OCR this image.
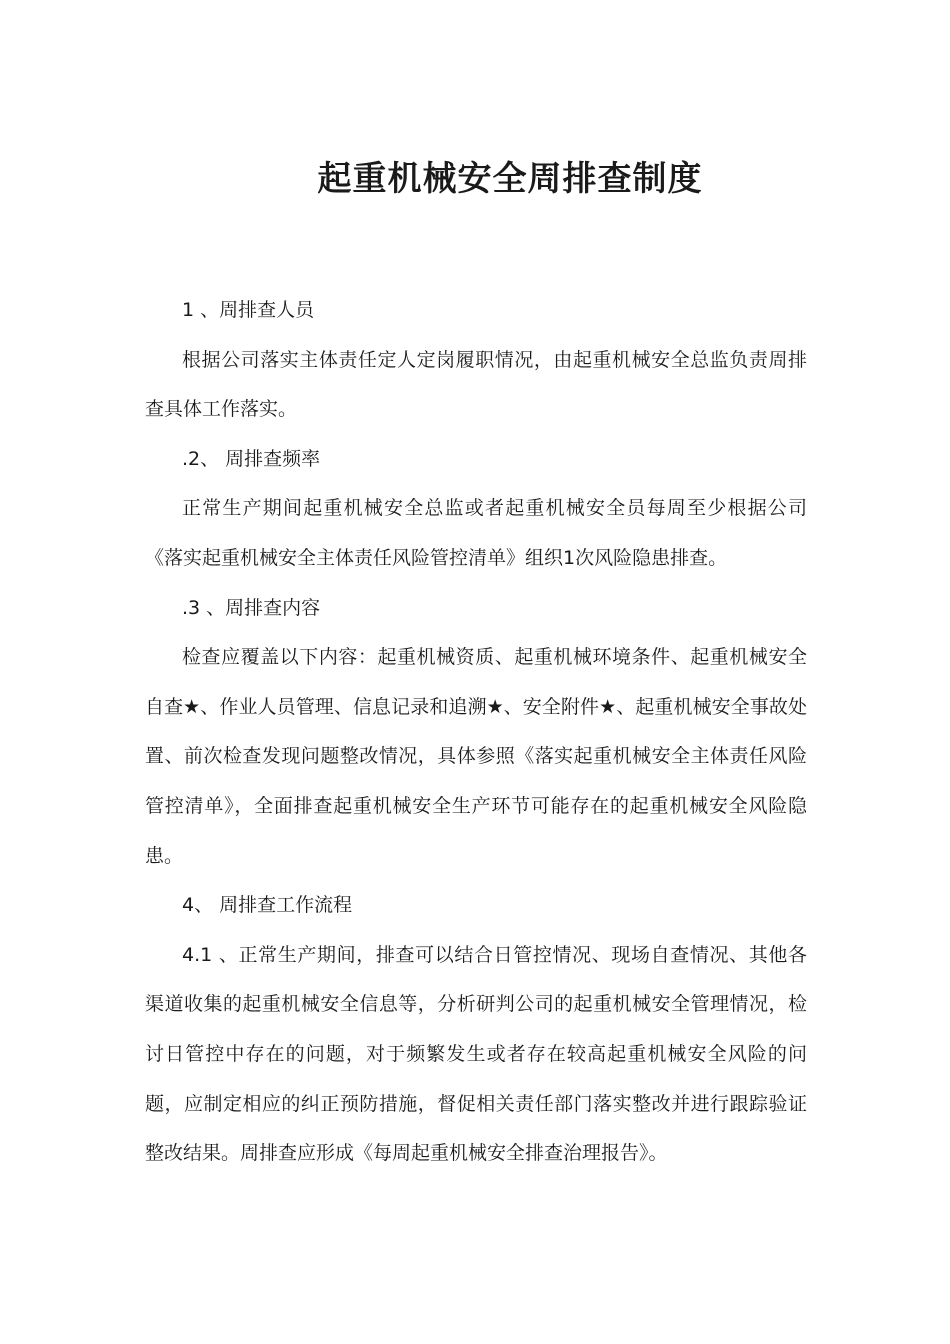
起重机械安全周排查制度

1 、周排查人员

根据公司落实主体责任定人定岗履职情况，由起重机械安全总监负责周排查具体工作落实。

.2、 周排查频率

正常生产期间起重机械安全总监或者起重机械安全员每周至少根据公司《落实起重机械安全主体责任风险管控清单》组织1次风险隐患排查。

.3 、周排查内容

检查应覆盖以下内容：起重机械资质、起重机械环境条件、起重机械安全自查★、作业人员管理、信息记录和追溯★、安全附件★、起重机械安全事故处置、前次检查发现问题整改情况，具体参照《落实起重机械安全主体责任风险管控清单》，全面排查起重机械安全生产环节可能存在的起重机械安全风险隐患。

4、 周排查工作流程

4.1 、正常生产期间，排查可以结合日管控情况、现场自查情况、其他各渠道收集的起重机械安全信息等，分析研判公司的起重机械安全管理情况，检讨日管控中存在的问题，对于频繁发生或者存在较高起重机械安全风险的问题，应制定相应的纠正预防措施，督促相关责任部门落实整改并进行跟踪验证整改结果。周排查应形成《每周起重机械安全排查治理报告》。
